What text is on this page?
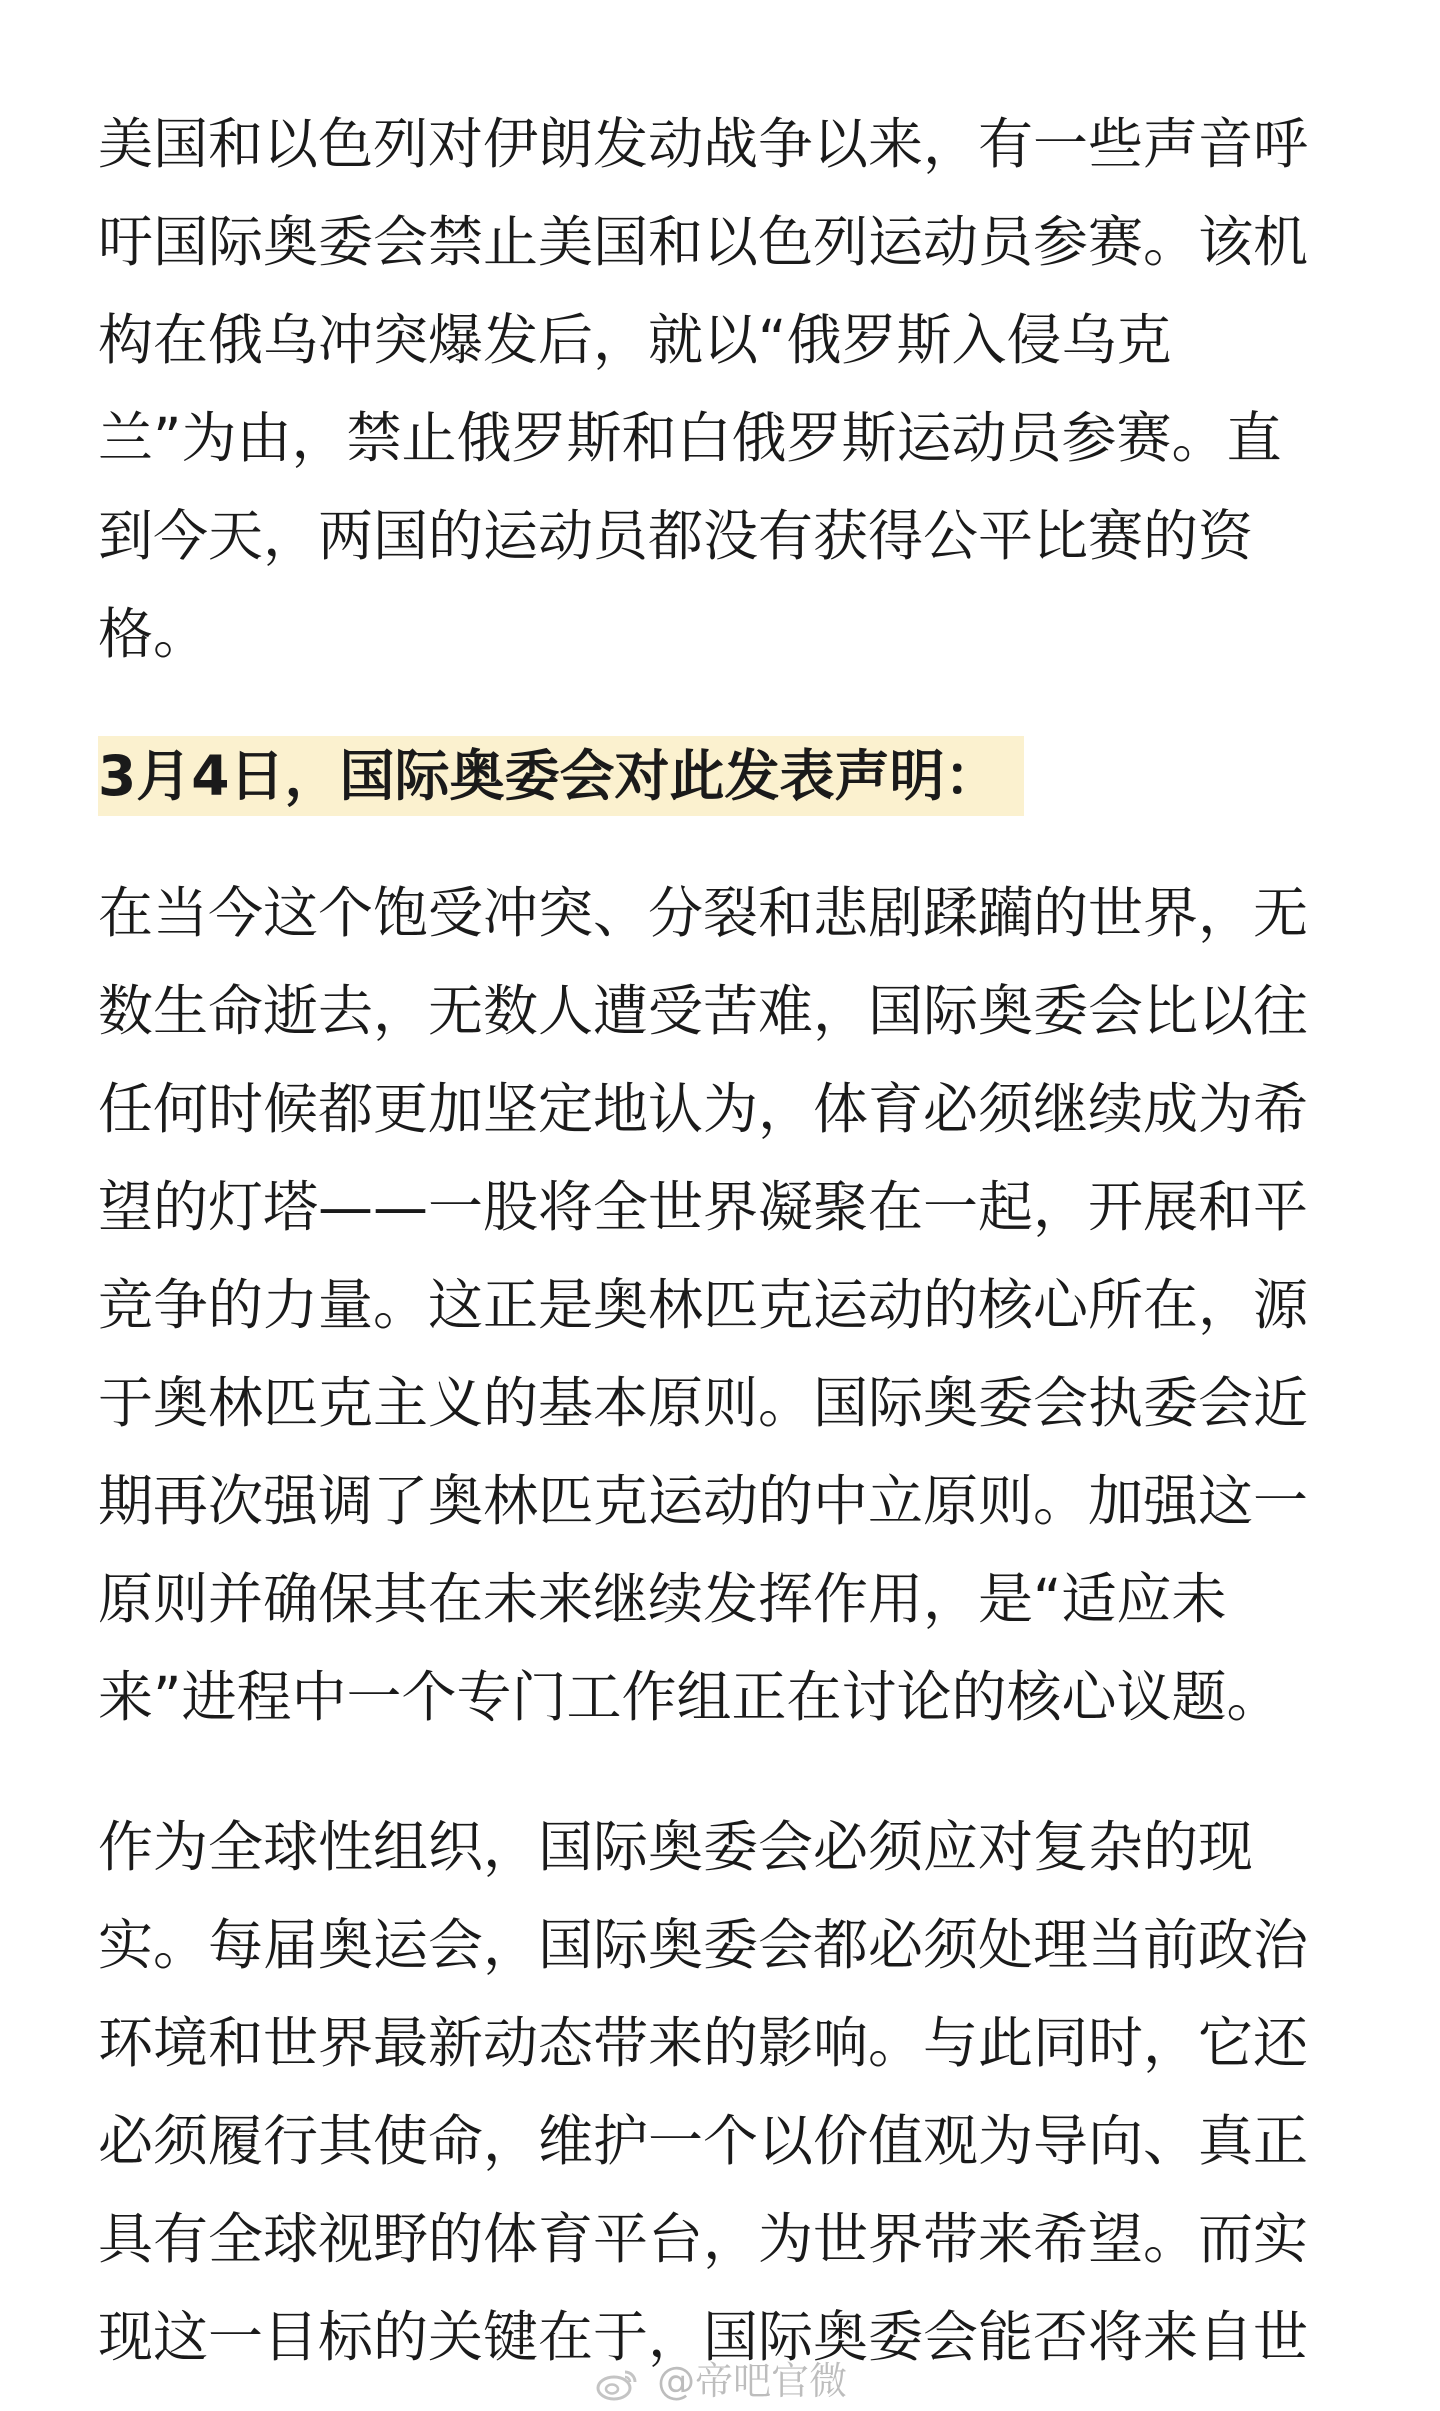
美国和以色列对伊朗发动战争以来，有一些声音呼
吁国际奥委会禁止美国和以色列运动员参赛。该机
构在俄乌冲突爆发后，就以“俄罗斯入侵乌克
兰”为由，禁止俄罗斯和白俄罗斯运动员参赛。直
到今天，两国的运动员都没有获得公平比赛的资
格。

3月4日，国际奥委会对此发表声明：

在当今这个饱受冲突、分裂和悲剧蹂躏的世界，无
数生命逝去，无数人遭受苦难，国际奥委会比以往
任何时候都更加坚定地认为，体育必须继续成为希
望的灯塔——一股将全世界凝聚在一起，开展和平
竞争的力量。这正是奥林匹克运动的核心所在，源
于奥林匹克主义的基本原则。国际奥委会执委会近
期再次强调了奥林匹克运动的中立原则。加强这一
原则并确保其在未来继续发挥作用，是“适应未
来”进程中一个专门工作组正在讨论的核心议题。

作为全球性组织，国际奥委会必须应对复杂的现
实。每届奥运会，国际奥委会都必须处理当前政治
环境和世界最新动态带来的影响。与此同时，它还
必须履行其使命，维护一个以价值观为导向、真正
具有全球视野的体育平台，为世界带来希望。而实
现这一目标的关键在于，国际奥委会能否将来自世

@帝吧官微
